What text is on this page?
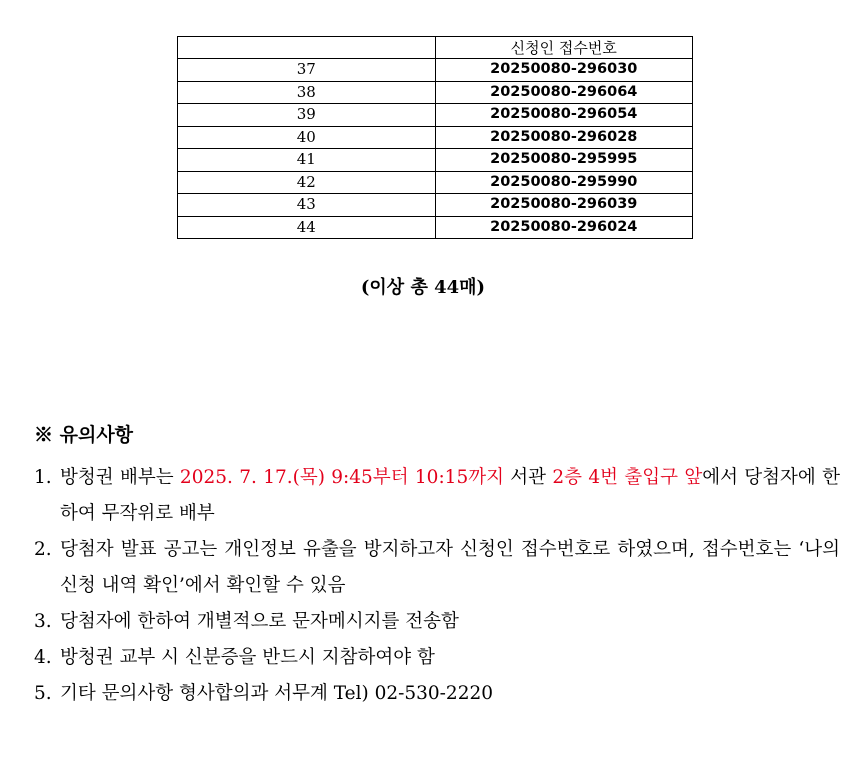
	신청인 접수번호
37	20250080-296030
38	20250080-296064
39	20250080-296054
40	20250080-296028
41	20250080-295995
42	20250080-295990
43	20250080-296039
44	20250080-296024
(이상 총 44매)
※ 유의사항
1. 방청권 배부는 2025. 7. 17.(목) 9:45부터 10:15까지 서관 2층 4번 출입구 앞에서 당첨자에 한하여 무작위로 배부
2. 당첨자 발표 공고는 개인정보 유출을 방지하고자 신청인 접수번호로 하였으며, 접수번호는 ‘나의 신청 내역 확인’에서 확인할 수 있음
3. 당첨자에 한하여 개별적으로 문자메시지를 전송함
4. 방청권 교부 시 신분증을 반드시 지참하여야 함
5. 기타 문의사항 형사합의과 서무계 Tel) 02-530-2220
